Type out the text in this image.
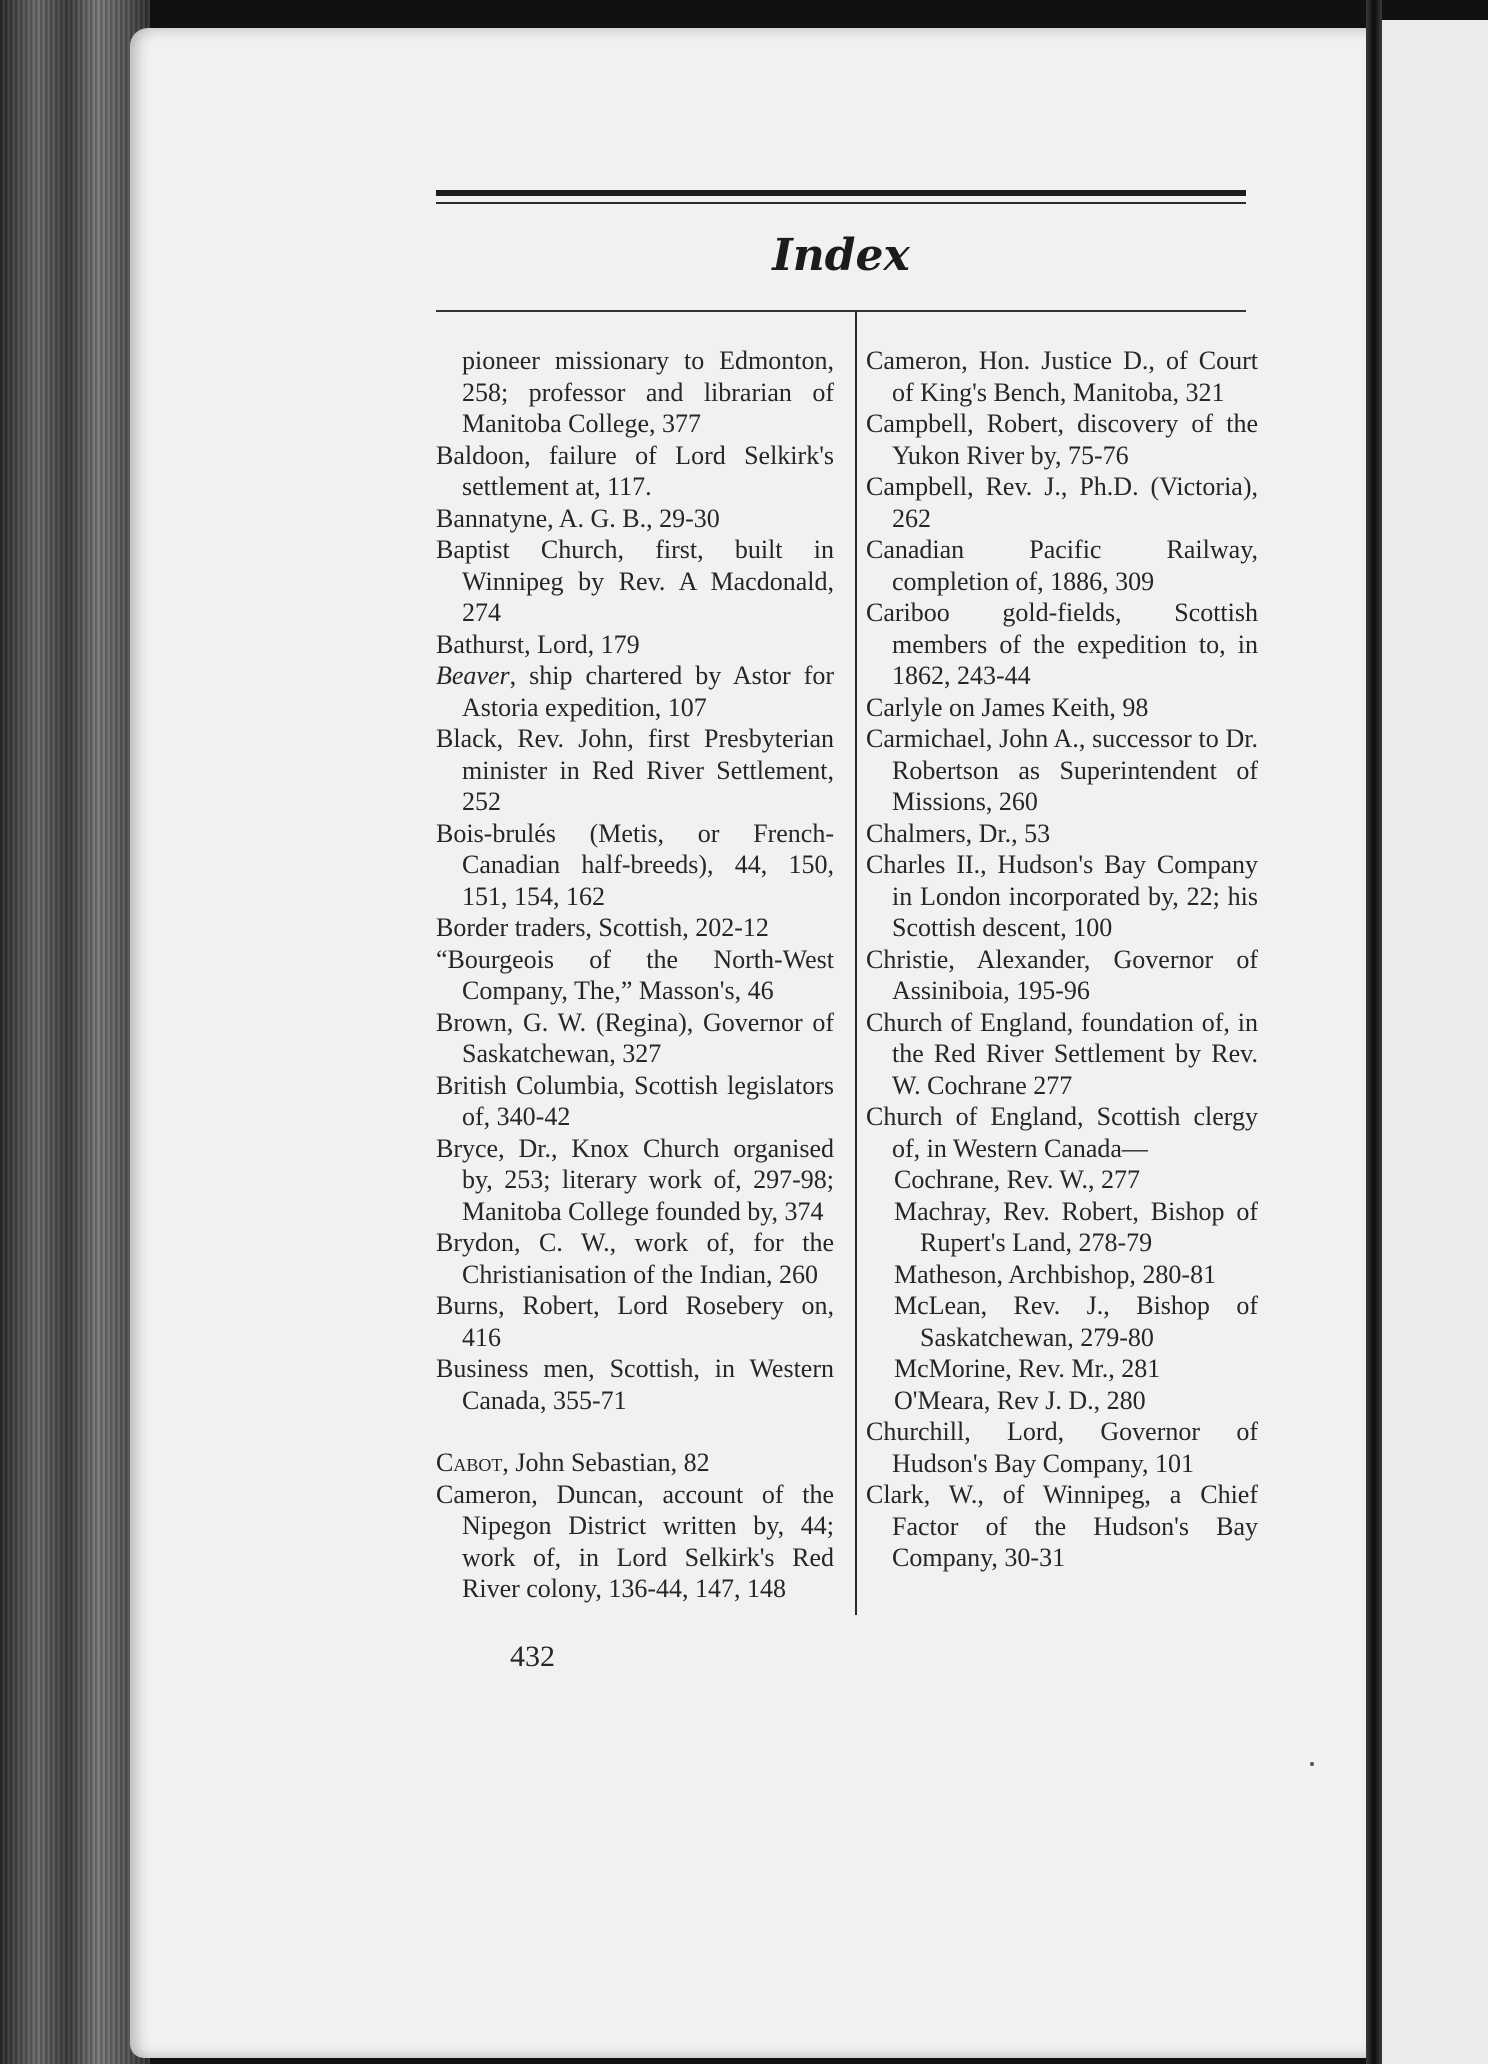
Index
pioneer missionary to Edmonton, 258; professor and librarian of Manitoba College, 377
Baldoon, failure of Lord Selkirk's settlement at, 117.
Bannatyne, A. G. B., 29-30
Baptist Church, first, built in Winnipeg by Rev. A Macdonald, 274
Bathurst, Lord, 179
Beaver, ship chartered by Astor for Astoria expedition, 107
Black, Rev. John, first Presbyterian minister in Red River Settlement, 252
Bois-brulés (Metis, or French-Canadian half-breeds), 44, 150, 151, 154, 162
Border traders, Scottish, 202-12
“Bourgeois of the North-West Company, The,” Masson's, 46
Brown, G. W. (Regina), Governor of Saskatchewan, 327
British Columbia, Scottish legislators of, 340-42
Bryce, Dr., Knox Church organised by, 253; literary work of, 297-98; Manitoba College founded by, 374
Brydon, C. W., work of, for the Christianisation of the Indian, 260
Burns, Robert, Lord Rosebery on, 416
Business men, Scottish, in Western Canada, 355-71
Cabot, John Sebastian, 82
Cameron, Duncan, account of the Nipegon District written by, 44; work of, in Lord Selkirk's Red River colony, 136-44, 147, 148
Cameron, Hon. Justice D., of Court of King's Bench, Manitoba, 321
Campbell, Robert, discovery of the Yukon River by, 75-76
Campbell, Rev. J., Ph.D. (Victoria), 262
Canadian Pacific Railway, completion of, 1886, 309
Cariboo gold-fields, Scottish members of the expedition to, in 1862, 243-44
Carlyle on James Keith, 98
Carmichael, John A., successor to Dr. Robertson as Superintendent of Missions, 260
Chalmers, Dr., 53
Charles II., Hudson's Bay Company in London incorporated by, 22; his Scottish descent, 100
Christie, Alexander, Governor of Assiniboia, 195-96
Church of England, foundation of, in the Red River Settlement by Rev. W. Cochrane 277
Church of England, Scottish clergy of, in Western Canada—
Cochrane, Rev. W., 277
Machray, Rev. Robert, Bishop of Rupert's Land, 278-79
Matheson, Archbishop, 280-81
McLean, Rev. J., Bishop of Saskatchewan, 279-80
McMorine, Rev. Mr., 281
O'Meara, Rev J. D., 280
Churchill, Lord, Governor of Hudson's Bay Company, 101
Clark, W., of Winnipeg, a Chief Factor of the Hudson's Bay Company, 30-31
432
